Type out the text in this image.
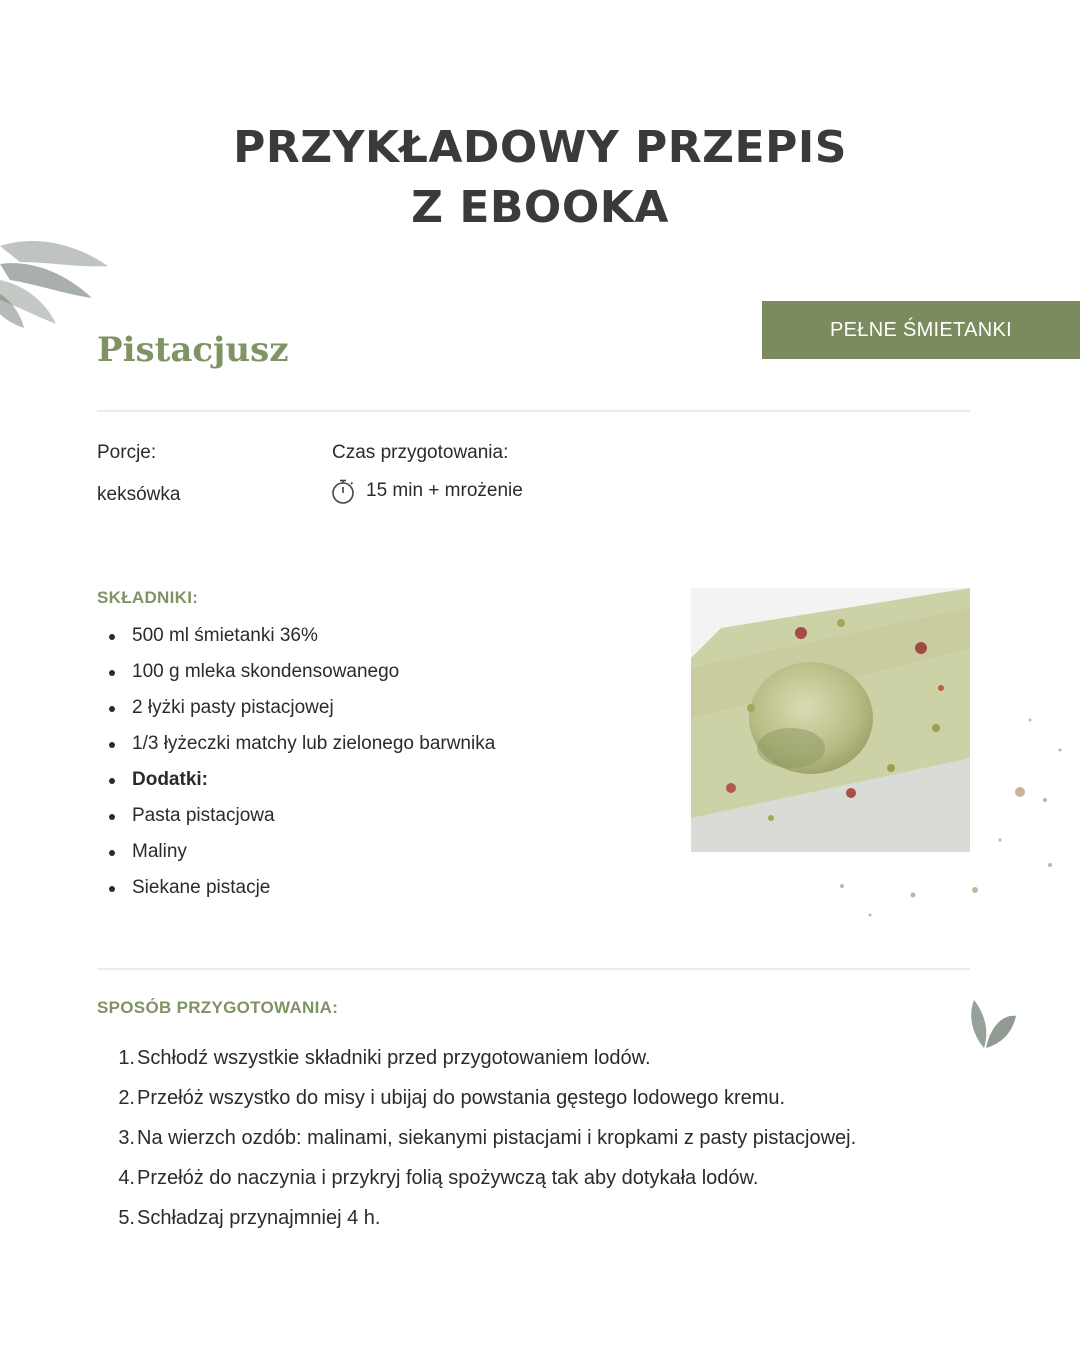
PRZYKŁADOWY PRZEPIS
Z EBOOKA
PEŁNE ŚMIETANKI
Pistacjusz
Porcje:
keksówka
Czas przygotowania:
15 min + mrożenie
SKŁADNIKI:
500 ml śmietanki 36%
100 g mleka skondensowanego
2 łyżki pasty pistacjowej
1/3 łyżeczki matchy lub zielonego barwnika
Dodatki:
Pasta pistacjowa
Maliny
Siekane pistacje
SPOSÓB PRZYGOTOWANIA:
1. Schłodź wszystkie składniki przed przygotowaniem lodów.
2. Przełóż wszystko do misy i ubijaj do powstania gęstego lodowego kremu.
3. Na wierzch ozdób: malinami, siekanymi pistacjami i kropkami z pasty pistacjowej.
4. Przełóż do naczynia i przykryj folią spożywczą tak aby dotykała lodów.
5. Schładzaj przynajmniej 4 h.
